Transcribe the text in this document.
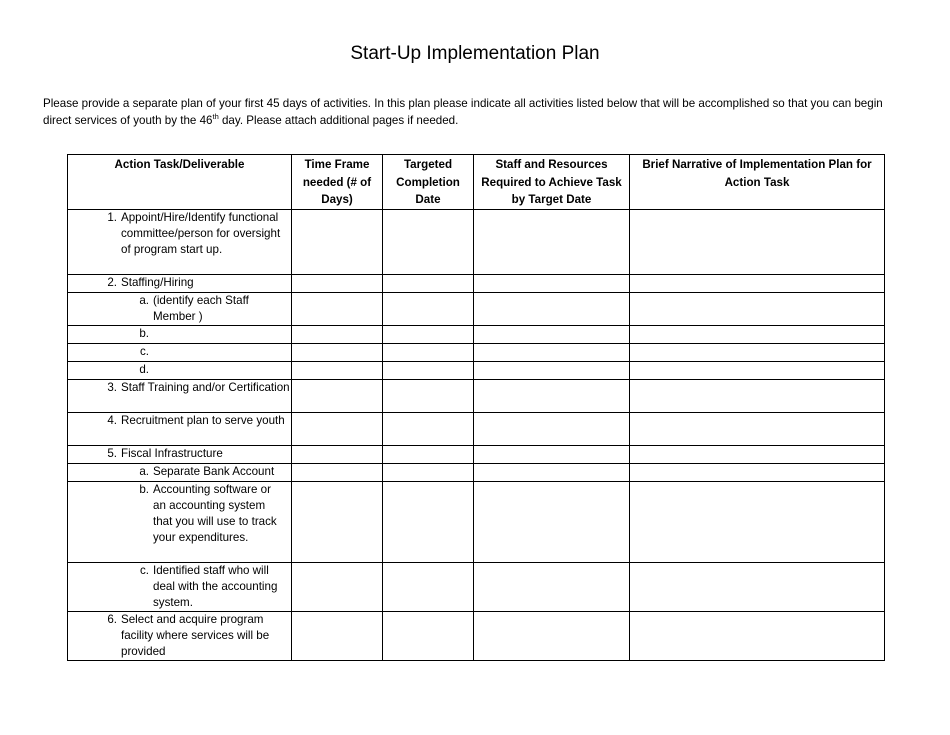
Start-Up Implementation Plan
Please provide a separate plan of your first 45 days of activities. In this plan please indicate all activities listed below that will be accomplished so that you can begin direct services of youth by the 46th day. Please attach additional pages if needed.
Action Task/Deliverable	Time Frame needed (# of Days)	Targeted Completion Date	Staff and Resources Required to Achieve Task by Target Date	Brief Narrative of Implementation Plan for Action Task

1. Appoint/Hire/Identify functional committee/person for oversight of program start up.				

2. Staffing/Hiring				

a. (identify each Staff Member )				

b.				

c.				

d.				

3. Staff Training and/or Certification				

4. Recruitment plan to serve youth				

5. Fiscal Infrastructure				

a. Separate Bank Account				

b. Accounting software or an accounting system that you will use to track your expenditures.				

c. Identified staff who will deal with the accounting system.				

6. Select and acquire program facility where services will be provided				
